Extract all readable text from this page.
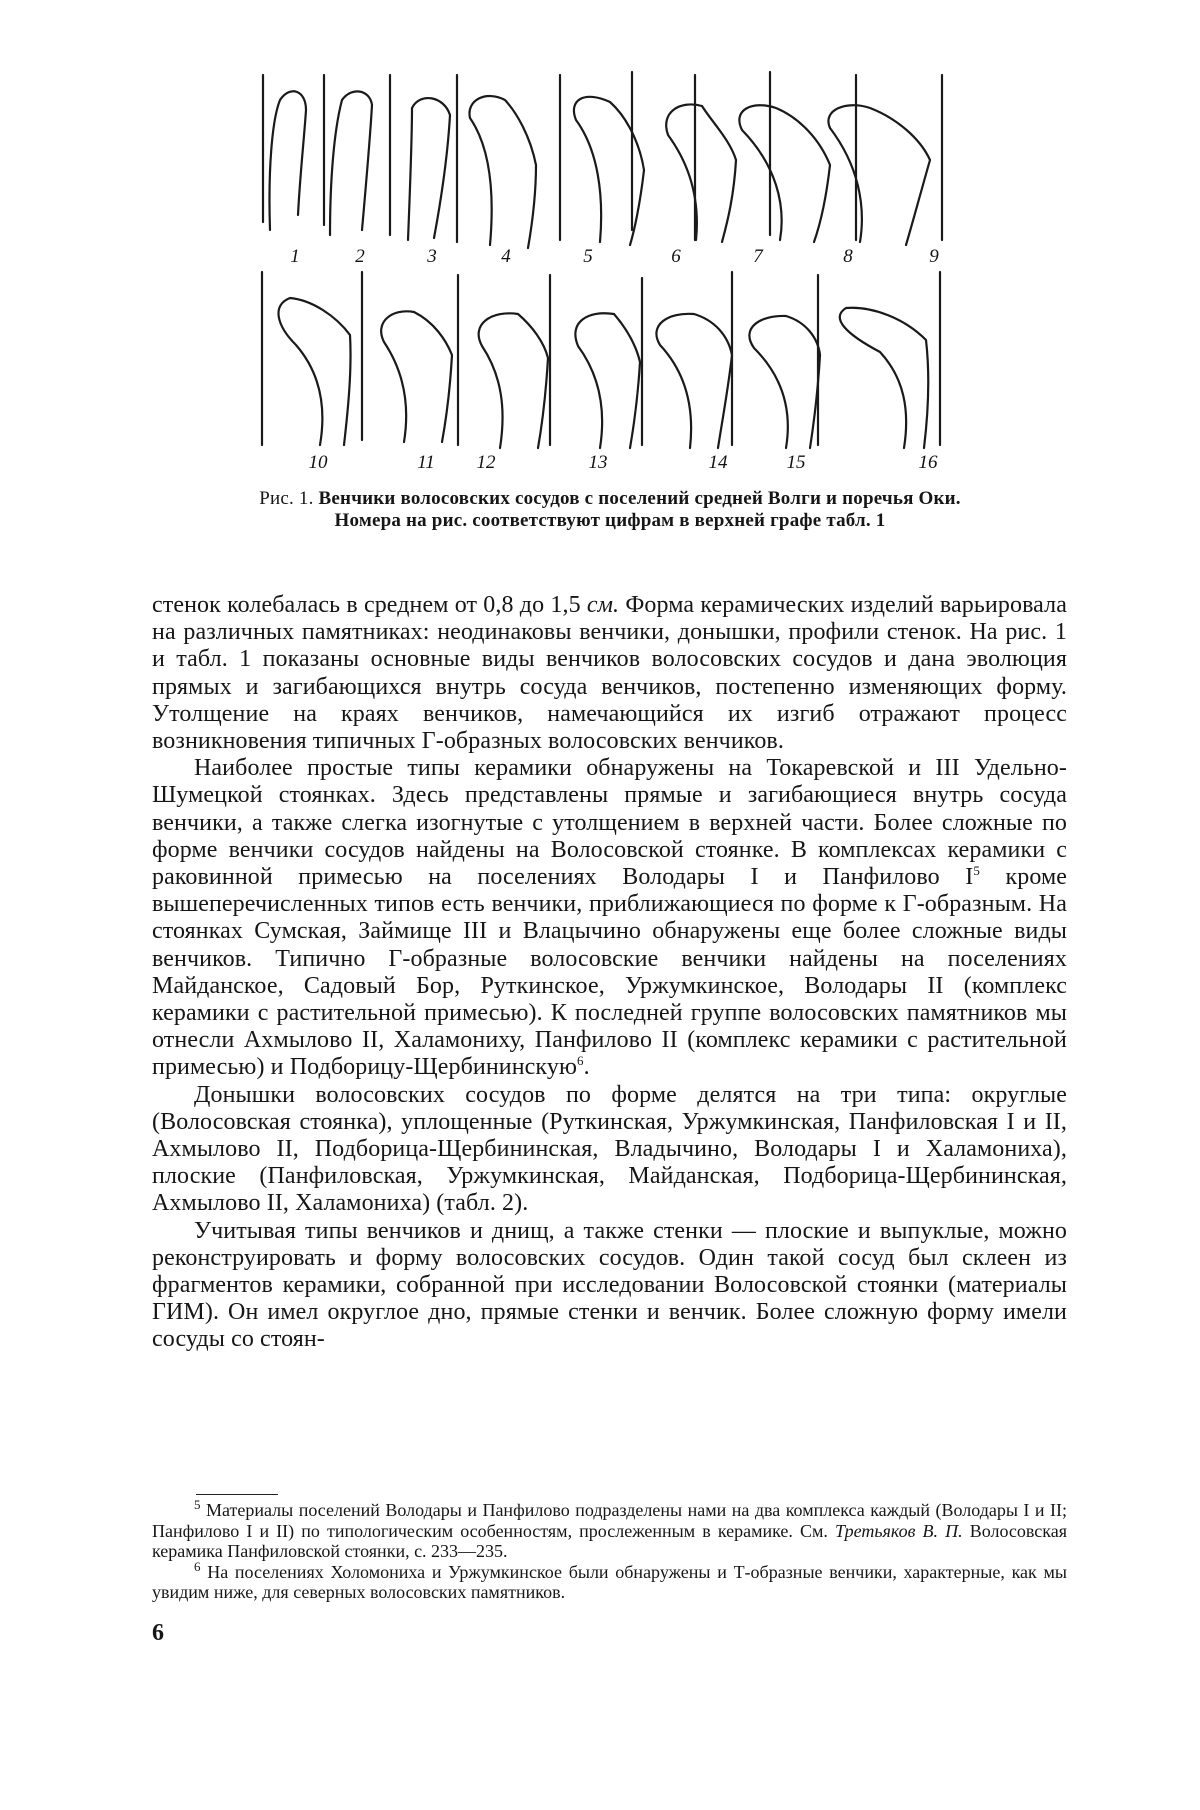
1	2	3	4	5	6	7	8	9
10	11 12	13	14	15	16
Рис. 1. Венчики волосовских сосудов с поселений средней Волги и поречья Оки. Номера на рис. соответствуют цифрам в верхней графе табл. 1

стенок колебалась в среднем от 0,8 до 1,5 см. Форма керамических изделий варьировала на различных памятниках: неодинаковы венчики, донышки, профили стенок. На рис. 1 и табл. 1 показаны основные виды венчиков волосовских сосудов и дана эволюция прямых и загибающихся внутрь сосуда венчиков, постепенно изменяющих форму. Утолщение на краях венчиков, намечающийся их изгиб отражают процесс возникновения типичных Г-образных волосовских венчиков.

Наиболее простые типы керамики обнаружены на Токаревской и III Удельно-Шумецкой стоянках. Здесь представлены прямые и загибающиеся внутрь сосуда венчики, а также слегка изогнутые с утолщением в верхней части. Более сложные по форме венчики сосудов найдены на Волосовской стоянке. В комплексах керамики с раковинной примесью на поселениях Володары I и Панфилово $I^5$ кроме вышеперечисленных типов есть венчики, приближающиеся по форме к Г-образным. На стоянках Сумская, Займище III и Влацычино обнаружены еще более сложные виды венчиков. Типично Г-образные волосовские венчики найдены на поселениях Майданское, Садовый Бор, Руткинское, Уржумкинское, Володары II (комплекс керамики с растительной примесью). К последней группе волосовских памятников мы отнесли Ахмылово II, Халамониху, Панфилово II (комплекс керамики с растительной примесью) и Подборицу-Щербининскую$^6$.

Донышки волосовских сосудов по форме делятся на три типа: округлые (Волосовская стоянка), уплощенные (Руткинская, Уржумкинская, Панфиловская I и II, Ахмылово II, Подборица-Щербининская, Владычино, Володары I и Халамониха), плоские (Панфиловская, Уржумкинская, Майданская, Подборица-Щербининская, Ахмылово II, Халамониха) (табл. 2).

Учитывая типы венчиков и днищ, а также стенки — плоские и выпуклые, можно реконструировать и форму волосовских сосудов. Один такой сосуд был склеен из фрагментов керамики, собранной при исследовании Волосовской стоянки (материалы ГИМ). Он имел округлое дно, прямые стенки и венчик. Более сложную форму имели сосуды со стоян-

$^5$ Материалы поселений Володары и Панфилово подразделены нами на два комплекса каждый (Володары I и II; Панфилово I и II) по типологическим особенностям, прослеженным в керамике. См. Третьяков В. П. Волосовская керамика Панфиловской стоянки, с. 233—235.

$^6$ На поселениях Холомониха и Уржумкинское были обнаружены и Т-образные венчики, характерные, как мы увидим ниже, для северных волосовских памятников.

6
